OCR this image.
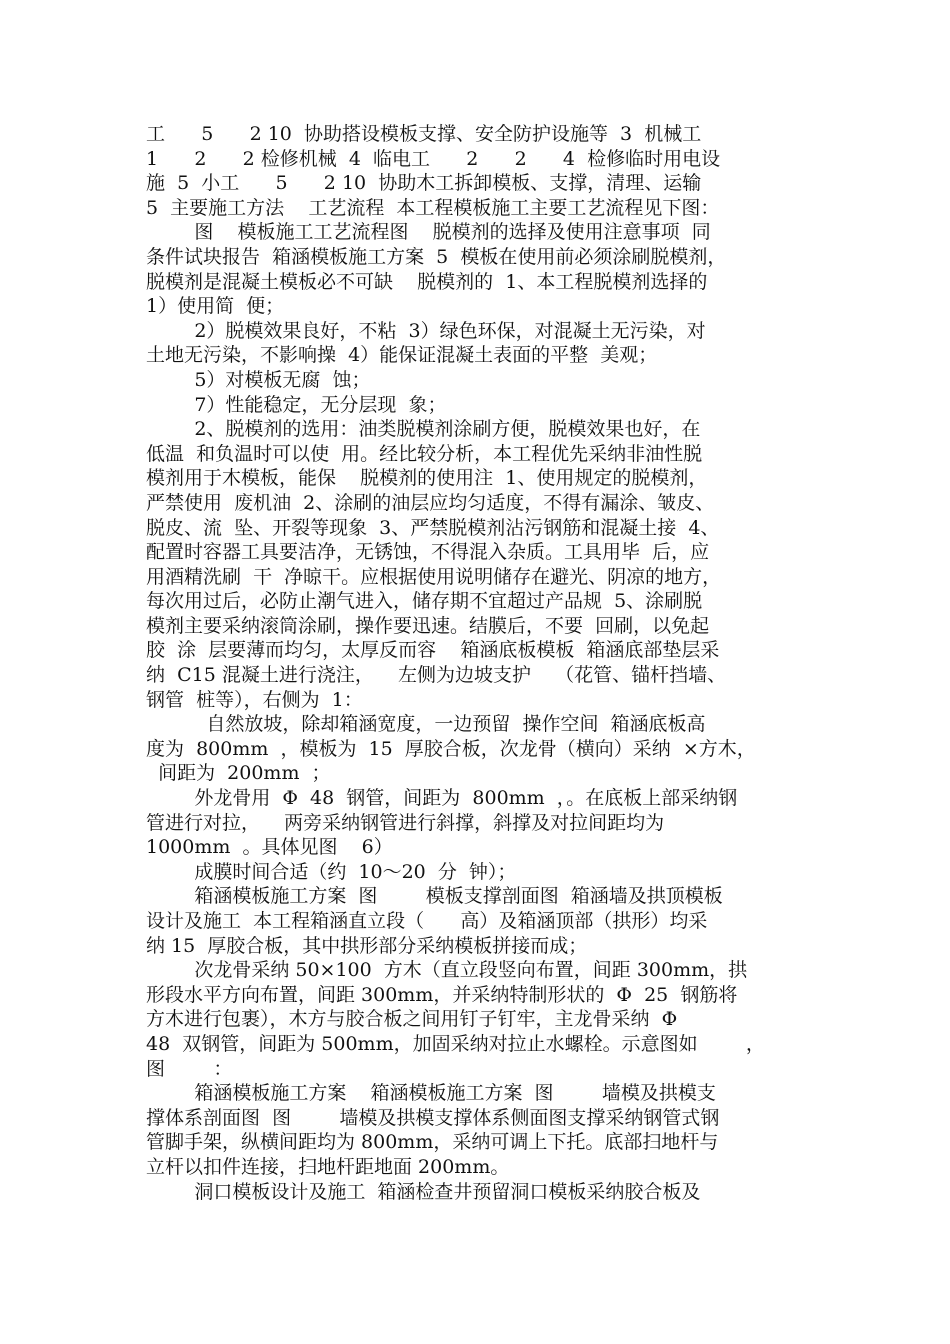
工      5      2 10  协助搭设模板支撑、安全防护设施等  3  机械工
1      2      2 检修机械  4  临电工      2      2      4  检修临时用电设
施  5  小工      5      2 10  协助木工拆卸模板、支撑，清理、运输
5  主要施工方法    工艺流程  本工程模板施工主要工艺流程见下图：
图    模板施工工艺流程图    脱模剂的选择及使用注意事项  同
条件试块报告  箱涵模板施工方案  5  模板在使用前必须涂刷脱模剂，
脱模剂是混凝土模板必不可缺    脱模剂的  1、本工程脱模剂选择的
1）使用简  便；
2）脱模效果良好，不粘  3）绿色环保，对混凝土无污染，对
土地无污染，不影响操  4）能保证混凝土表面的平整  美观；
5）对模板无腐  蚀；
7）性能稳定，无分层现  象；
2、脱模剂的选用：油类脱模剂涂刷方便，脱模效果也好，在
低温  和负温时可以使  用。经比较分析，本工程优先采纳非油性脱
模剂用于木模板，能保    脱模剂的使用注  1、使用规定的脱模剂，
严禁使用  废机油  2、涂刷的油层应均匀适度，不得有漏涂、皱皮、
脱皮、流  坠、开裂等现象  3、严禁脱模剂沾污钢筋和混凝土接  4、
配置时容器工具要洁净，无锈蚀，不得混入杂质。工具用毕  后，应
用酒精洗刷  干  净晾干。应根据使用说明储存在避光、阴凉的地方，
每次用过后，必防止潮气进入，储存期不宜超过产品规  5、涂刷脱
模剂主要采纳滚筒涂刷，操作要迅速。结膜后，不要  回刷，以免起
胶  涂  层要薄而均匀，太厚反而容    箱涵底板模板  箱涵底部垫层采
纳  C15 混凝土进行浇注，    左侧为边坡支护    （花管、锚杆挡墙、
钢管  桩等），右侧为  1：
自然放坡，除却箱涵宽度，一边预留  操作空间  箱涵底板高
度为  800mm  ，模板为  15  厚胶合板，次龙骨（横向）采纳  ×方木，
间距为  200mm  ；
外龙骨用  Φ  48  钢管，间距为  800mm  ，。在底板上部采纳钢
管进行对拉，    两旁采纳钢管进行斜撑，斜撑及对拉间距均为
1000mm  。具体见图    6）
成膜时间合适（约  10～20  分  钟）；
箱涵模板施工方案  图        模板支撑剖面图  箱涵墙及拱顶模板
设计及施工  本工程箱涵直立段（      高）及箱涵顶部（拱形）均采
纳 15  厚胶合板，其中拱形部分采纳模板拼接而成；
次龙骨采纳 50×100  方木（直立段竖向布置，间距 300mm，拱
形段水平方向布置，间距 300mm，并采纳特制形状的  Φ  25  钢筋将
方木进行包裹），木方与胶合板之间用钉子钉牢，主龙骨采纳  Φ
48  双钢管，间距为 500mm，加固采纳对拉止水螺栓。示意图如        ，
图        ：
箱涵模板施工方案    箱涵模板施工方案  图        墙模及拱模支
撑体系剖面图  图        墙模及拱模支撑体系侧面图支撑采纳钢管式钢
管脚手架，纵横间距均为 800mm，采纳可调上下托。底部扫地杆与
立杆以扣件连接，扫地杆距地面 200mm。
洞口模板设计及施工  箱涵检查井预留洞口模板采纳胶合板及
